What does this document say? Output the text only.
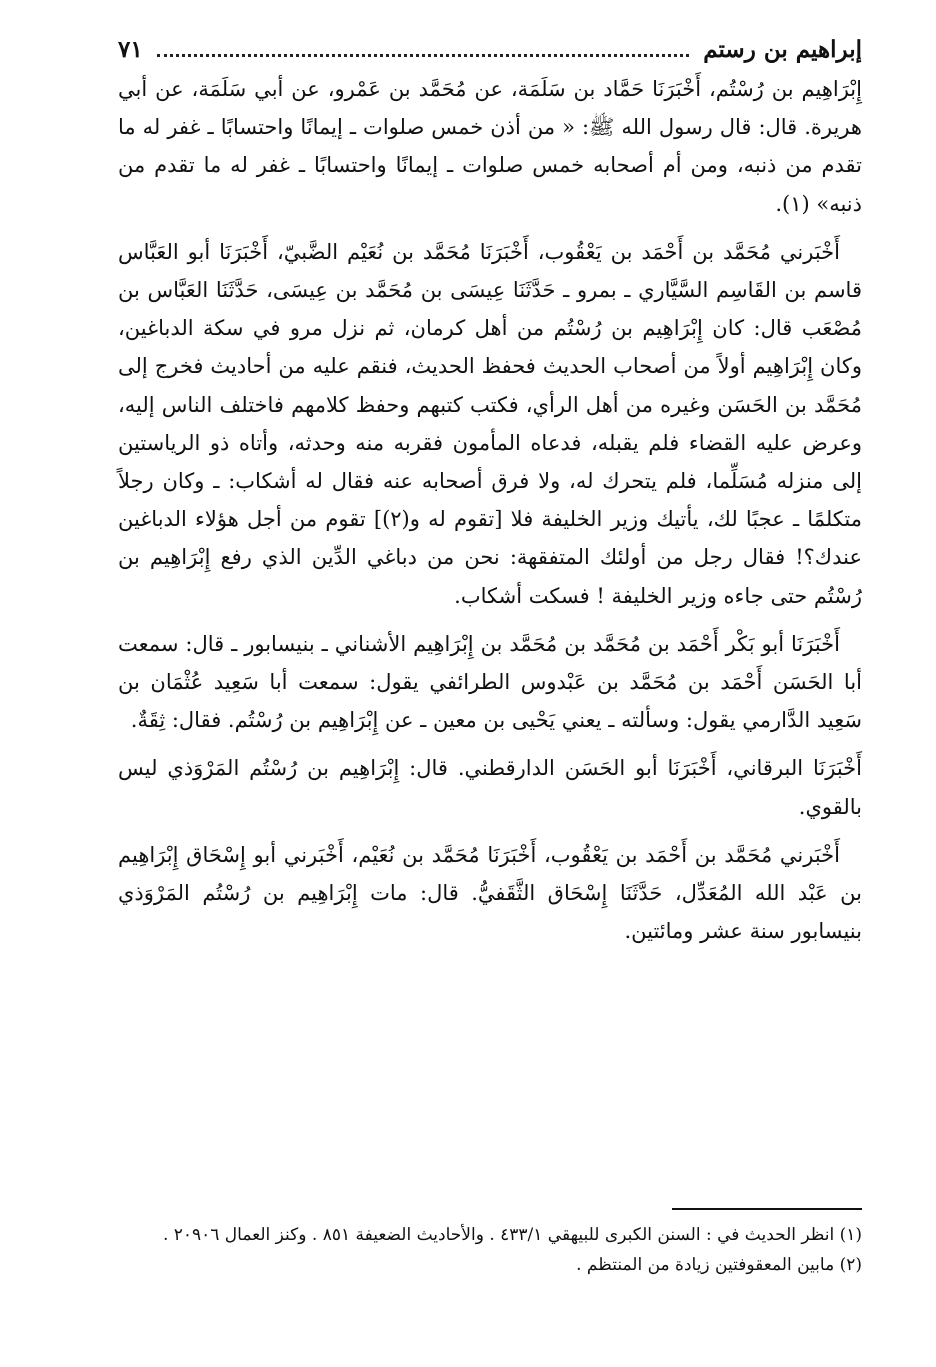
إبراهيم بن رستم
٧١

إِبْرَاهِيم بن رُسْتُم، أَخْبَرَنَا حَمَّاد بن سَلَمَة، عن مُحَمَّد بن عَمْرو، عن أبي سَلَمَة، عن أبي هريرة. قال: قال رسول الله ﷺ: « من أذن خمس صلوات ـ إيمانًا واحتسابًا ـ غفر له ما تقدم من ذنبه، ومن أم أصحابه خمس صلوات ـ إيمانًا واحتسابًا ـ غفر له ما تقدم من ذنبه» (١).

أَخْبَرني مُحَمَّد بن أَحْمَد بن يَعْقُوب، أَخْبَرَنَا مُحَمَّد بن نُعَيْم الضَّبيّ، أَخْبَرَنَا أبو العَبَّاس قاسم بن القَاسِم السَّيَّاري ـ بمرو ـ حَدَّثَنَا عِيسَى بن مُحَمَّد بن عِيسَى، حَدَّثَنَا العَبَّاس بن مُصْعَب قال: كان إِبْرَاهِيم بن رُسْتُم من أهل كرمان، ثم نزل مرو في سكة الدباغين، وكان إِبْرَاهِيم أولاً من أصحاب الحديث فحفظ الحديث، فنقم عليه من أحاديث فخرج إلى مُحَمَّد بن الحَسَن وغيره من أهل الرأي، فكتب كتبهم وحفظ كلامهم فاختلف الناس إليه، وعرض عليه القضاء فلم يقبله، فدعاه المأمون فقربه منه وحدثه، وأتاه ذو الرياستين إلى منزله مُسَلِّما، فلم يتحرك له، ولا فرق أصحابه عنه فقال له أشكاب: ـ وكان رجلاً متكلمًا ـ عجبًا لك، يأتيك وزير الخليفة فلا [تقوم له و(٢)] تقوم من أجل هؤلاء الدباغين عندك؟! فقال رجل من أولئك المتفقهة: نحن من دباغي الدِّين الذي رفع إِبْرَاهِيم بن رُسْتُم حتى جاءه وزير الخليفة ! فسكت أشكاب.

أَخْبَرَنَا أبو بَكْر أَحْمَد بن مُحَمَّد بن مُحَمَّد بن إِبْرَاهِيم الأشناني ـ بنيسابور ـ قال: سمعت أبا الحَسَن أَحْمَد بن مُحَمَّد بن عَبْدوس الطرائفي يقول: سمعت أبا سَعِيد عُثْمَان بن سَعِيد الدَّارمي يقول: وسألته ـ يعني يَحْيى بن معين ـ عن إِبْرَاهِيم بن رُسْتُم. فقال: ثِقَةٌ.

أَخْبَرَنَا البرقاني، أَخْبَرَنَا أبو الحَسَن الدارقطني. قال: إِبْرَاهِيم بن رُسْتُم المَرْوَذي ليس بالقوي.

أَخْبَرني مُحَمَّد بن أَحْمَد بن يَعْقُوب، أَخْبَرَنَا مُحَمَّد بن نُعَيْم، أَخْبَرني أبو إِسْحَاق إِبْرَاهِيم بن عَبْد الله المُعَدِّل، حَدَّثَنَا إِسْحَاق الثَّقَفيُّ. قال: مات إِبْرَاهِيم بن رُسْتُم المَرْوَذي بنيسابور سنة عشر ومائتين.

(١) انظر الحديث في : السنن الكبرى للبيهقي ٤٣٣/١ . والأحاديث الضعيفة ٨٥١ . وكنز العمال ٢٠٩٠٦ .

(٢) مابين المعقوفتين زيادة من المنتظم .
